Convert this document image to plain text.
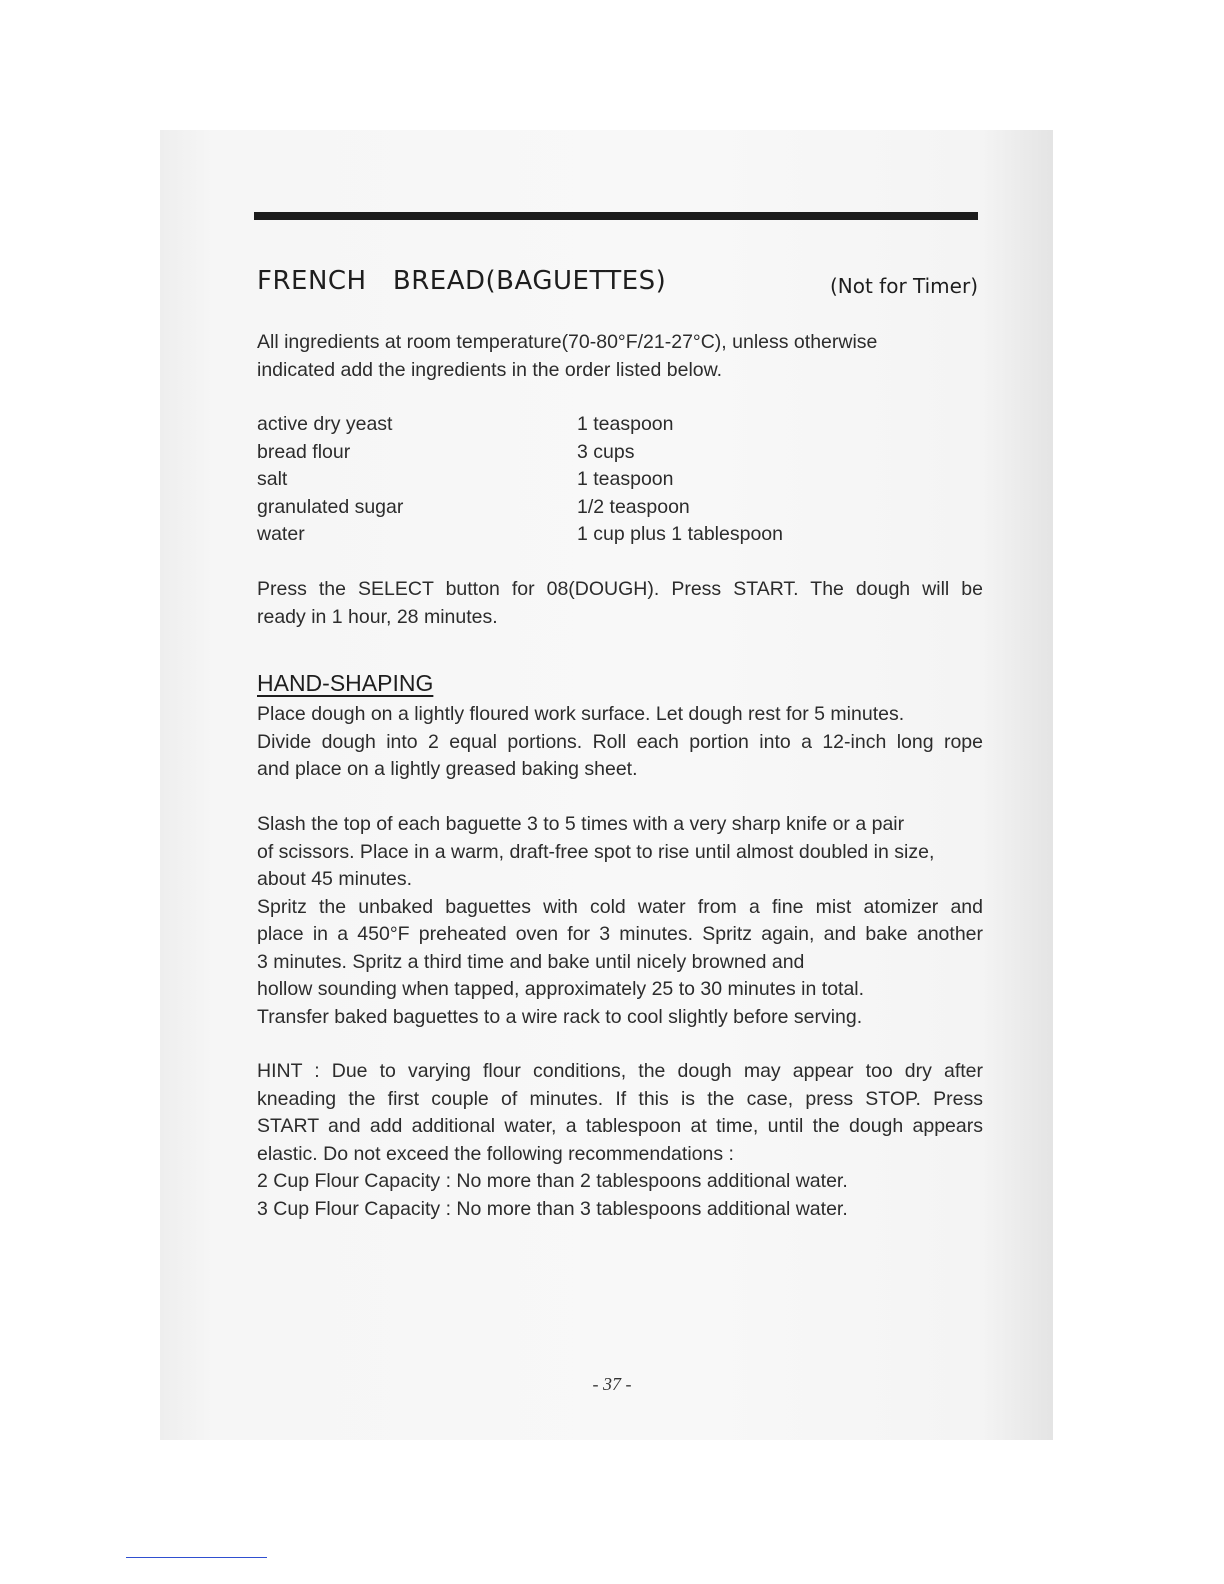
FRENCH   BREAD(BAGUETTES)	(Not for Timer)
All ingredients at room temperature(70-80°F/21-27°C), unless otherwise
indicated add the ingredients in the order listed below.
active dry yeast	1 teaspoon
bread flour	3 cups
salt	1 teaspoon
granulated sugar	1/2 teaspoon
water	1 cup plus 1 tablespoon
Press the SELECT button for 08(DOUGH). Press START. The dough will be
ready in 1 hour, 28 minutes.
HAND-SHAPING
Place dough on a lightly floured work surface. Let dough rest for 5 minutes.
Divide dough into 2 equal portions. Roll each portion into a 12-inch long rope
and place on a lightly greased baking sheet.
Slash the top of each baguette 3 to 5 times with a very sharp knife or a pair
of scissors. Place in a warm, draft-free spot to rise until almost doubled in size,
about 45 minutes.
Spritz the unbaked baguettes with cold water from a fine mist atomizer and
place in a 450°F preheated oven for 3 minutes. Spritz again, and bake another
3 minutes. Spritz a third time and bake until nicely browned and
hollow sounding when tapped, approximately 25 to 30 minutes in total.
Transfer baked baguettes to a wire rack to cool slightly before serving.
HINT : Due to varying flour conditions, the dough may appear too dry after
kneading the first couple of minutes. If this is the case, press STOP. Press
START and add additional water, a tablespoon at time, until the dough appears
elastic. Do not exceed the following recommendations :
2 Cup Flour Capacity : No more than 2 tablespoons additional water.
3 Cup Flour Capacity : No more than 3 tablespoons additional water.
- 37 -
